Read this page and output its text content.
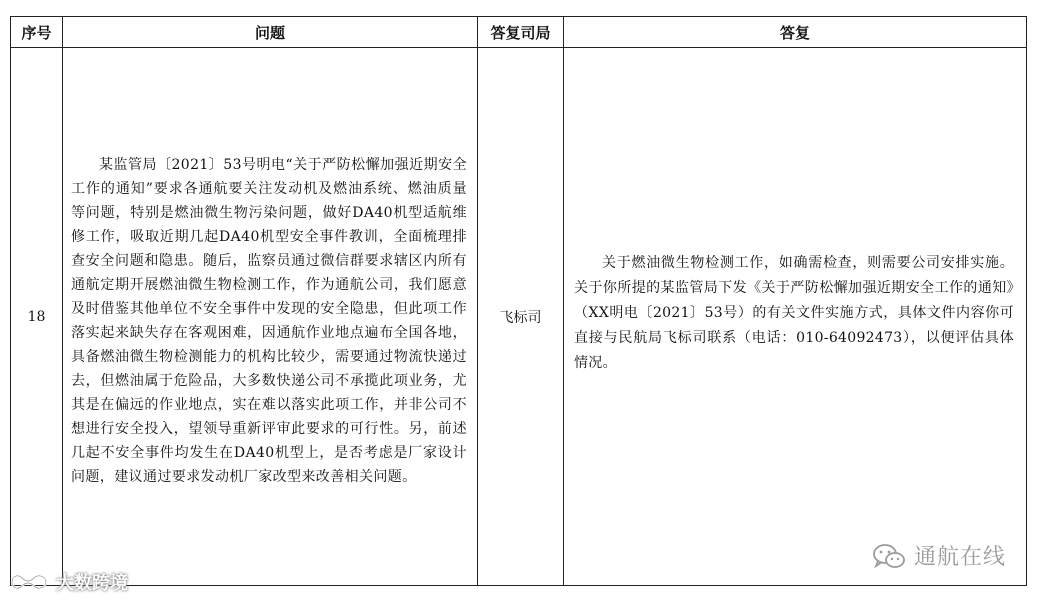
序号	问题	答复司局	答复
18	某监管局〔2021〕53号明电“关于严防松懈加强近期安全工作的通知”要求各通航要关注发动机及燃油系统、燃油质量等问题，特别是燃油微生物污染问题，做好DA40机型适航维修工作，吸取近期几起DA40机型安全事件教训，全面梳理排查安全问题和隐患。随后，监察员通过微信群要求辖区内所有通航定期开展燃油微生物检测工作，作为通航公司，我们愿意及时借鉴其他单位不安全事件中发现的安全隐患，但此项工作落实起来缺失存在客观困难，因通航作业地点遍布全国各地，具备燃油微生物检测能力的机构比较少，需要通过物流快递过去，但燃油属于危险品，大多数快递公司不承揽此项业务，尤其是在偏远的作业地点，实在难以落实此项工作，并非公司不想进行安全投入，望领导重新评审此要求的可行性。另，前述几起不安全事件均发生在DA40机型上，是否考虑是厂家设计问题，建议通过要求发动机厂家改型来改善相关问题。	飞标司	关于燃油微生物检测工作，如确需检查，则需要公司安排实施。关于你所提的某监管局下发《关于严防松懈加强近期安全工作的通知》（XX明电〔2021〕53号）的有关文件实施方式，具体文件内容你可直接与民航局飞标司联系（电话：010-64092473），以便评估具体情况。

大数跨境
通航在线
